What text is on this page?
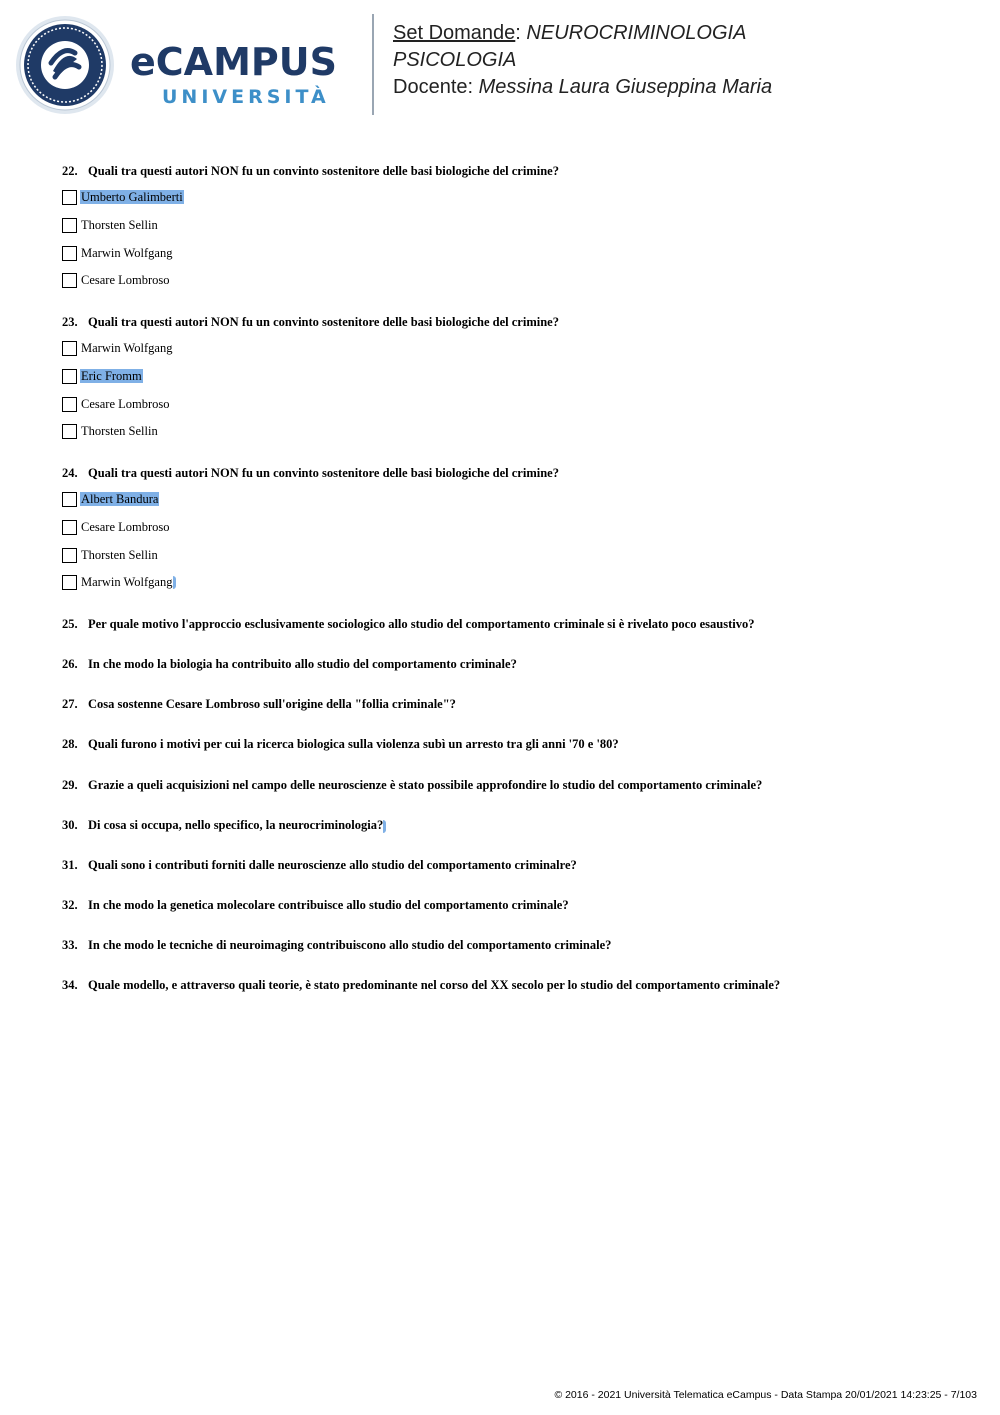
eCAMPUS
UNIVERSITÀ
Set Domande: NEUROCRIMINOLOGIA
PSICOLOGIA
Docente: Messina Laura Giuseppina Maria
22. Quali tra questi autori NON fu un convinto sostenitore delle basi biologiche del crimine?
Umberto Galimberti
Thorsten Sellin
Marwin Wolfgang
Cesare Lombroso
23. Quali tra questi autori NON fu un convinto sostenitore delle basi biologiche del crimine?
Marwin Wolfgang
Eric Fromm
Cesare Lombroso
Thorsten Sellin
24. Quali tra questi autori NON fu un convinto sostenitore delle basi biologiche del crimine?
Albert Bandura
Cesare Lombroso
Thorsten Sellin
Marwin Wolfgang
25. Per quale motivo l'approccio esclusivamente sociologico allo studio del comportamento criminale si è rivelato poco esaustivo?
26. In che modo la biologia ha contribuito allo studio del comportamento criminale?
27. Cosa sostenne Cesare Lombroso sull'origine della "follia criminale"?
28. Quali furono i motivi per cui la ricerca biologica sulla violenza subì un arresto tra gli anni '70 e '80?
29. Grazie a queli acquisizioni nel campo delle neuroscienze è stato possibile approfondire lo studio del comportamento criminale?
30. Di cosa si occupa, nello specifico, la neurocriminologia?
31. Quali sono i contributi forniti dalle neuroscienze allo studio del comportamento criminalre?
32. In che modo la genetica molecolare contribuisce allo studio del comportamento criminale?
33. In che modo le tecniche di neuroimaging contribuiscono allo studio del comportamento criminale?
34. Quale modello, e attraverso quali teorie, è stato predominante nel corso del XX secolo per lo studio del comportamento criminale?
© 2016 - 2021 Università Telematica eCampus - Data Stampa 20/01/2021 14:23:25 - 7/103
